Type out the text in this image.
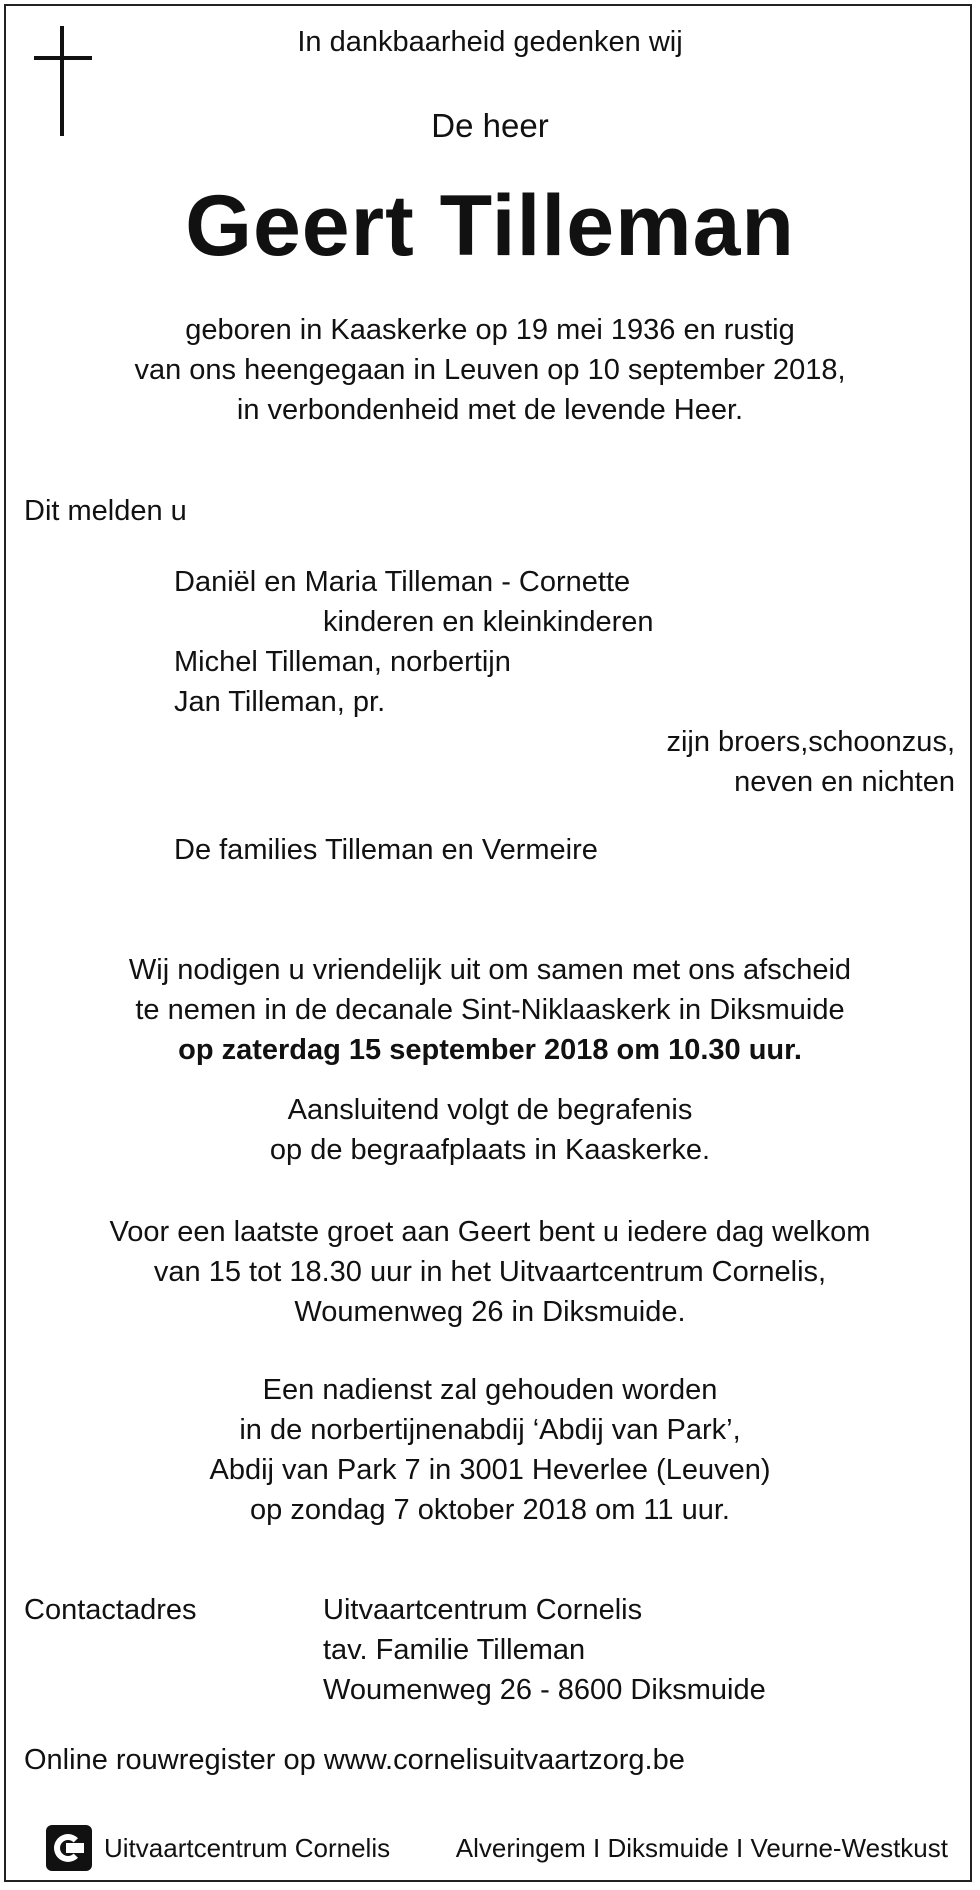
In dankbaarheid gedenken wij
De heer
Geert Tilleman
geboren in Kaaskerke op 19 mei 1936 en rustig
van ons heengegaan in Leuven op 10 september 2018,
in verbondenheid met de levende Heer.
Dit melden u
Daniël en Maria Tilleman - Cornette
kinderen en kleinkinderen
Michel Tilleman, norbertijn
Jan Tilleman, pr.
zijn broers,schoonzus,
neven en nichten
De families Tilleman en Vermeire
Wij nodigen u vriendelijk uit om samen met ons afscheid
te nemen in de decanale Sint-Niklaaskerk in Diksmuide
op zaterdag 15 september 2018 om 10.30 uur.
Aansluitend volgt de begrafenis
op de begraafplaats in Kaaskerke.
Voor een laatste groet aan Geert bent u iedere dag welkom
van 15 tot 18.30 uur in het Uitvaartcentrum Cornelis,
Woumenweg 26 in Diksmuide.
Een nadienst zal gehouden worden
in de norbertijnenabdij ‘Abdij van Park’,
Abdij van Park 7 in 3001 Heverlee (Leuven)
op zondag 7 oktober 2018 om 11 uur.
Contactadres	Uitvaartcentrum Cornelis
tav. Familie Tilleman
Woumenweg 26 - 8600 Diksmuide
Online rouwregister op www.cornelisuitvaartzorg.be
Uitvaartcentrum Cornelis	Alveringem I Diksmuide I Veurne-Westkust
